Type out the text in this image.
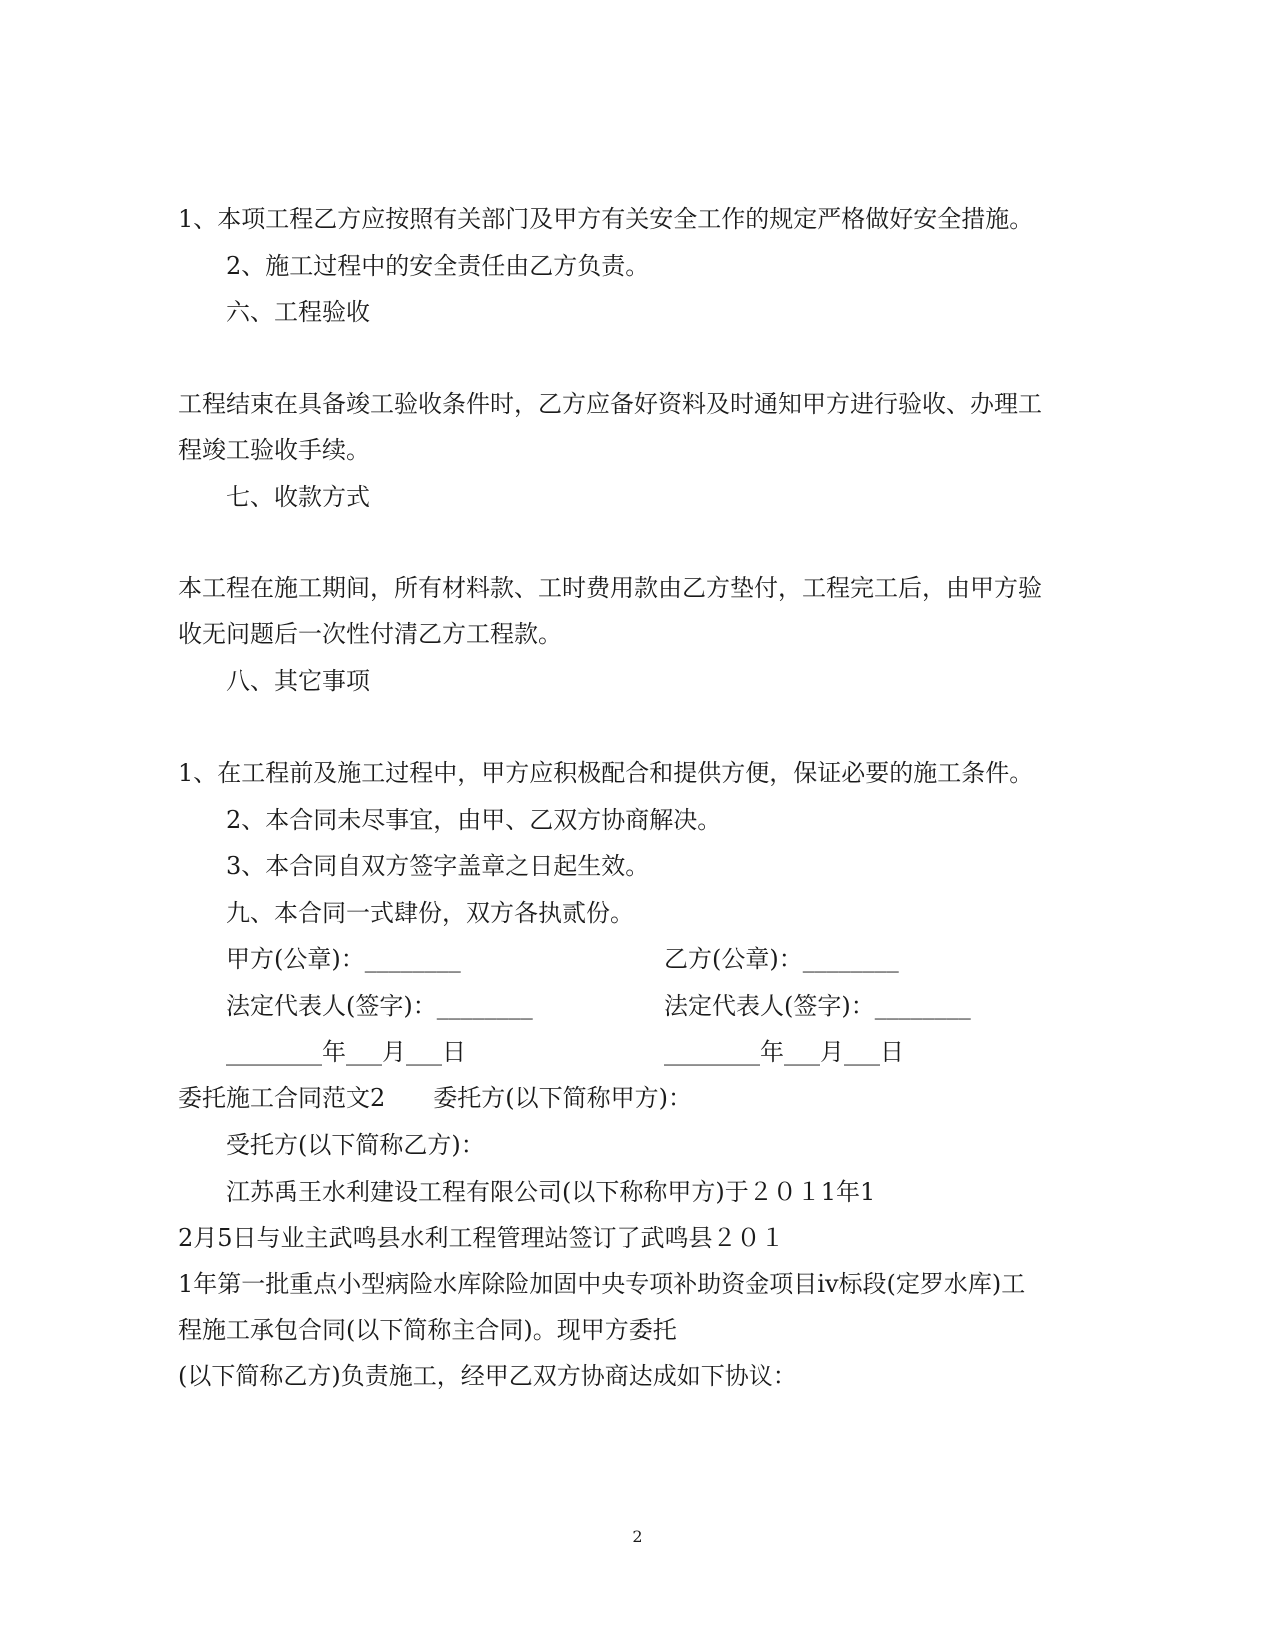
1、本项工程乙方应按照有关部门及甲方有关安全工作的规定严格做好安全措施。
2、施工过程中的安全责任由乙方负责。
六、工程验收
工程结束在具备竣工验收条件时，乙方应备好资料及时通知甲方进行验收、办理工
程竣工验收手续。
七、收款方式
本工程在施工期间，所有材料款、工时费用款由乙方垫付，工程完工后，由甲方验
收无问题后一次性付清乙方工程款。
八、其它事项
1、在工程前及施工过程中，甲方应积极配合和提供方便，保证必要的施工条件。
2、本合同未尽事宜，由甲、乙双方协商解决。
3、本合同自双方签字盖章之日起生效。
九、本合同一式肆份，双方各执贰份。
甲方(公章)：________	乙方(公章)：________
法定代表人(签字)：________	法定代表人(签字)：________
________年___月___日	________年___月___日
委托施工合同范文2　　委托方(以下简称甲方)：
受托方(以下简称乙方)：
江苏禹王水利建设工程有限公司(以下称称甲方)于２０１1年1
2月5日与业主武鸣县水利工程管理站签订了武鸣县２０１
1年第一批重点小型病险水库除险加固中央专项补助资金项目iv标段(定罗水库)工
程施工承包合同(以下简称主合同)。现甲方委托
(以下简称乙方)负责施工，经甲乙双方协商达成如下协议：
2
